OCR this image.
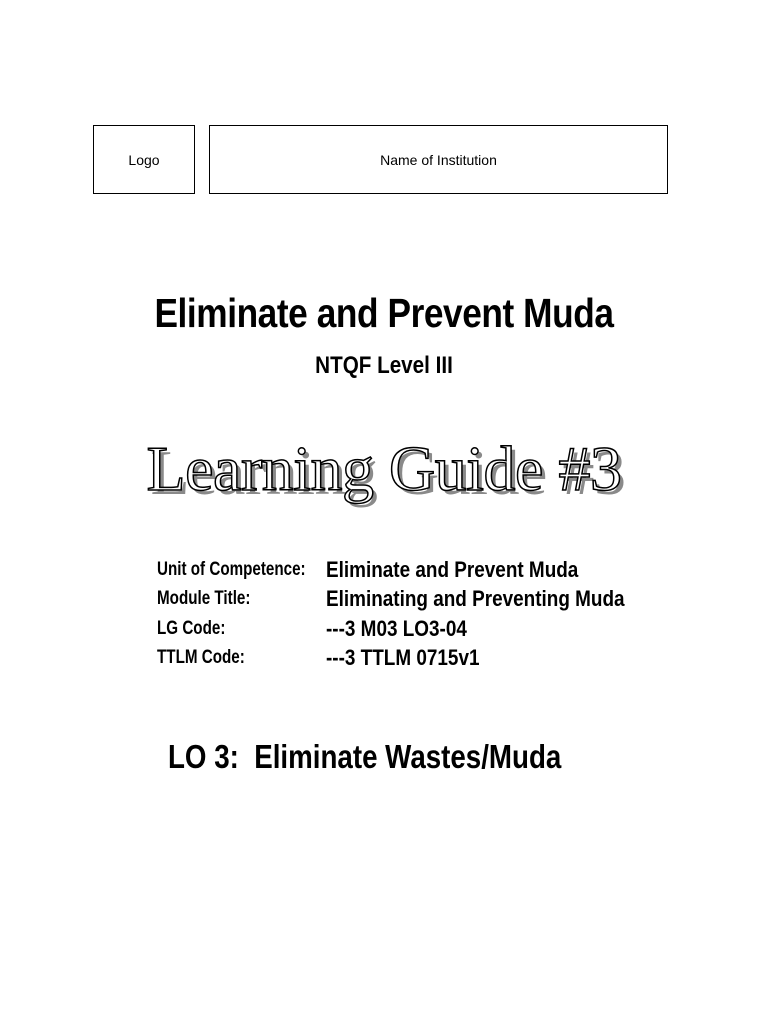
Logo	Name of Institution
Eliminate and Prevent Muda
NTQF Level III
Learning Guide #3
Unit of Competence: Eliminate and Prevent Muda
Module Title:	Eliminating and Preventing Muda
LG Code:	---3 M03 LO3-04
TTLM Code:	---3 TTLM 0715v1
LO 3:  Eliminate Wastes/Muda
